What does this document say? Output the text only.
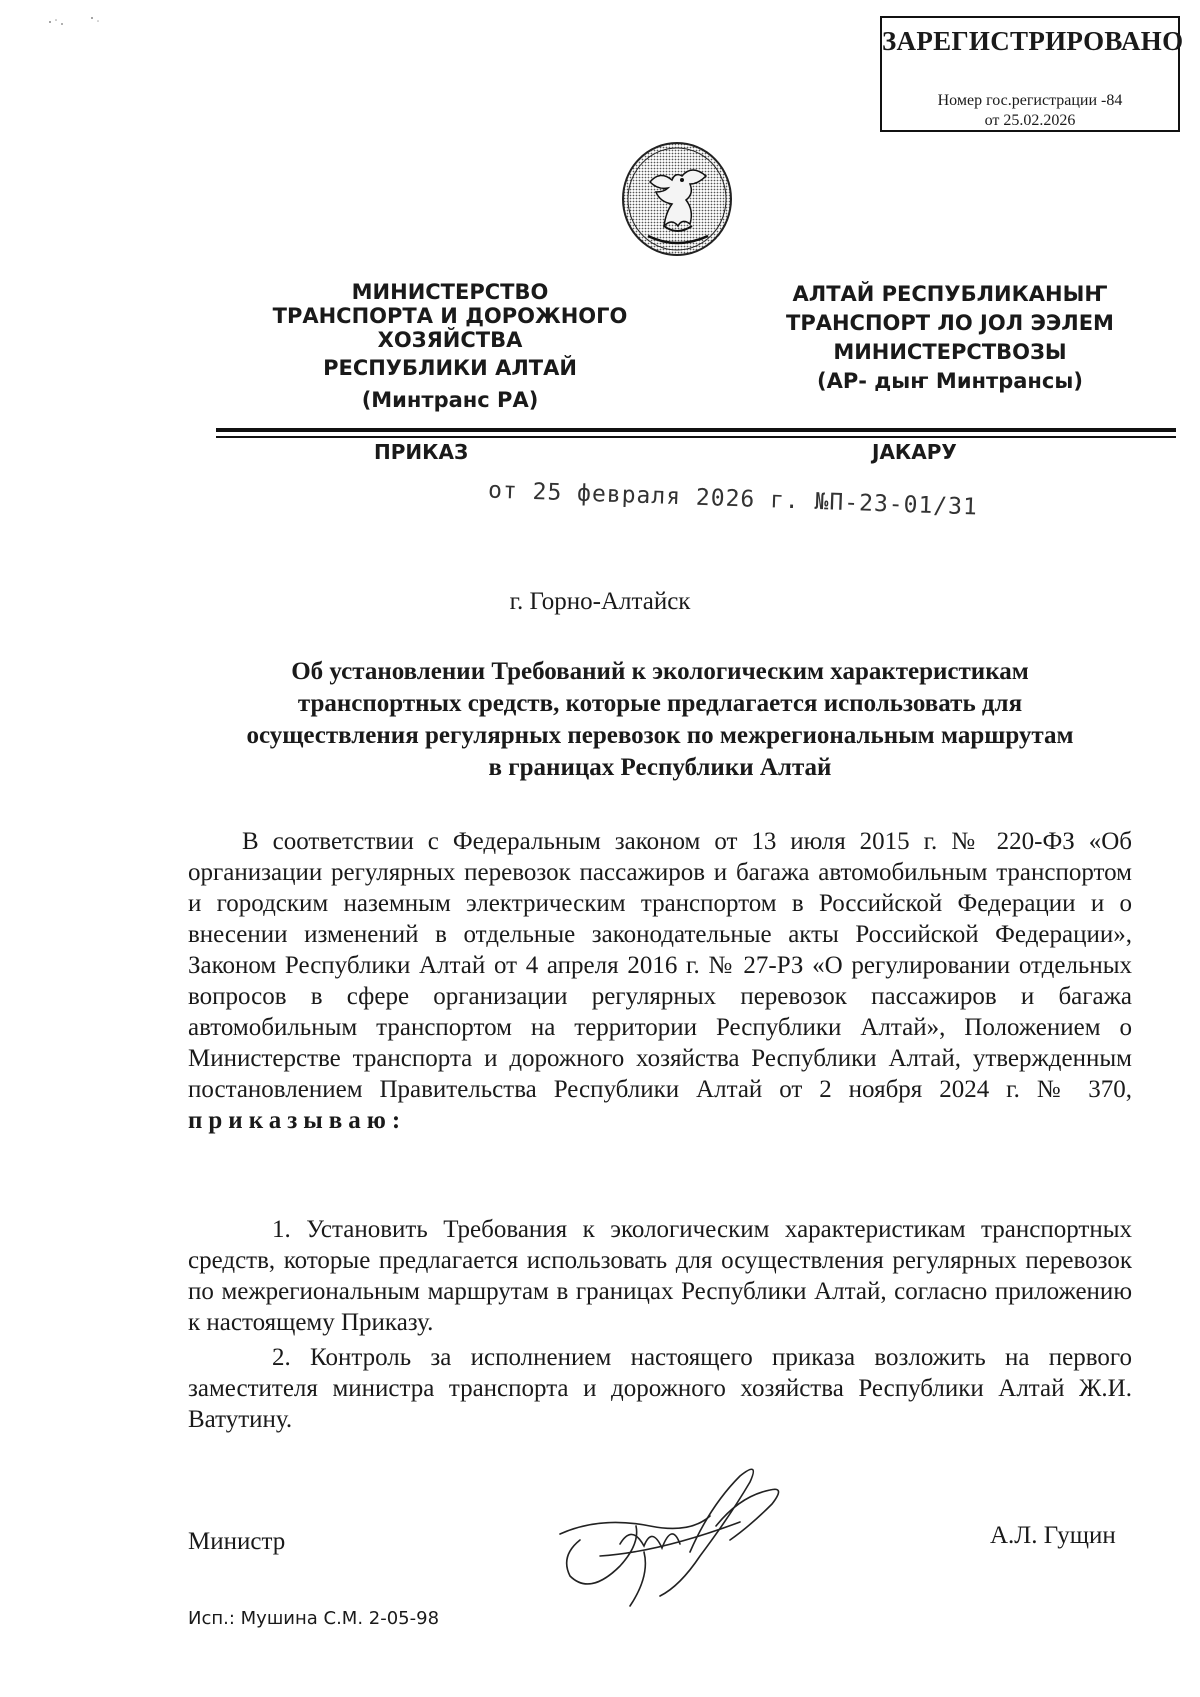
ЗАРЕГИСТРИРОВАНО
Номер гос.регистрации -84
от 25.02.2026
МИНИСТЕРСТВО
ТРАНСПОРТА И ДОРОЖНОГО
ХОЗЯЙСТВА
РЕСПУБЛИКИ АЛТАЙ
(Минтранс РА)
АЛТАЙ РЕСПУБЛИКАНЫҤ
ТРАНСПОРТ ЛО JОЛ ЭЭЛЕМ
МИНИСТЕРСТВОЗЫ
(АР- дыҥ Минтрансы)
ПРИКАЗ	JАКАРУ
от 25 февраля 2026 г. №П-23-01/31
г. Горно-Алтайск
Об установлении Требований к экологическим характеристикам
транспортных средств, которые предлагается использовать для
осуществления регулярных перевозок по межрегиональным маршрутам
в границах Республики Алтай
В соответствии с Федеральным законом от 13 июля 2015 г. № 220-ФЗ «Об организации регулярных перевозок пассажиров и багажа автомобильным транспортом и городским наземным электрическим транспортом в Российской Федерации и о внесении изменений в отдельные законодательные акты Российской Федерации», Законом Республики Алтай от 4 апреля 2016 г. № 27-РЗ «О регулировании отдельных вопросов в сфере организации регулярных перевозок пассажиров и багажа автомобильным транспортом на территории Республики Алтай», Положением о Министерстве транспорта и дорожного хозяйства Республики Алтай, утвержденным постановлением Правительства Республики Алтай от 2 ноября 2024 г. № 370, приказываю:
1. Установить Требования к экологическим характеристикам транспортных средств, которые предлагается использовать для осуществления регулярных перевозок по межрегиональным маршрутам в границах Республики Алтай, согласно приложению к настоящему Приказу.
2. Контроль за исполнением настоящего приказа возложить на первого заместителя министра транспорта и дорожного хозяйства Республики Алтай Ж.И. Ватутину.
Министр	А.Л. Гущин
Исп.: Мушина С.М. 2-05-98
